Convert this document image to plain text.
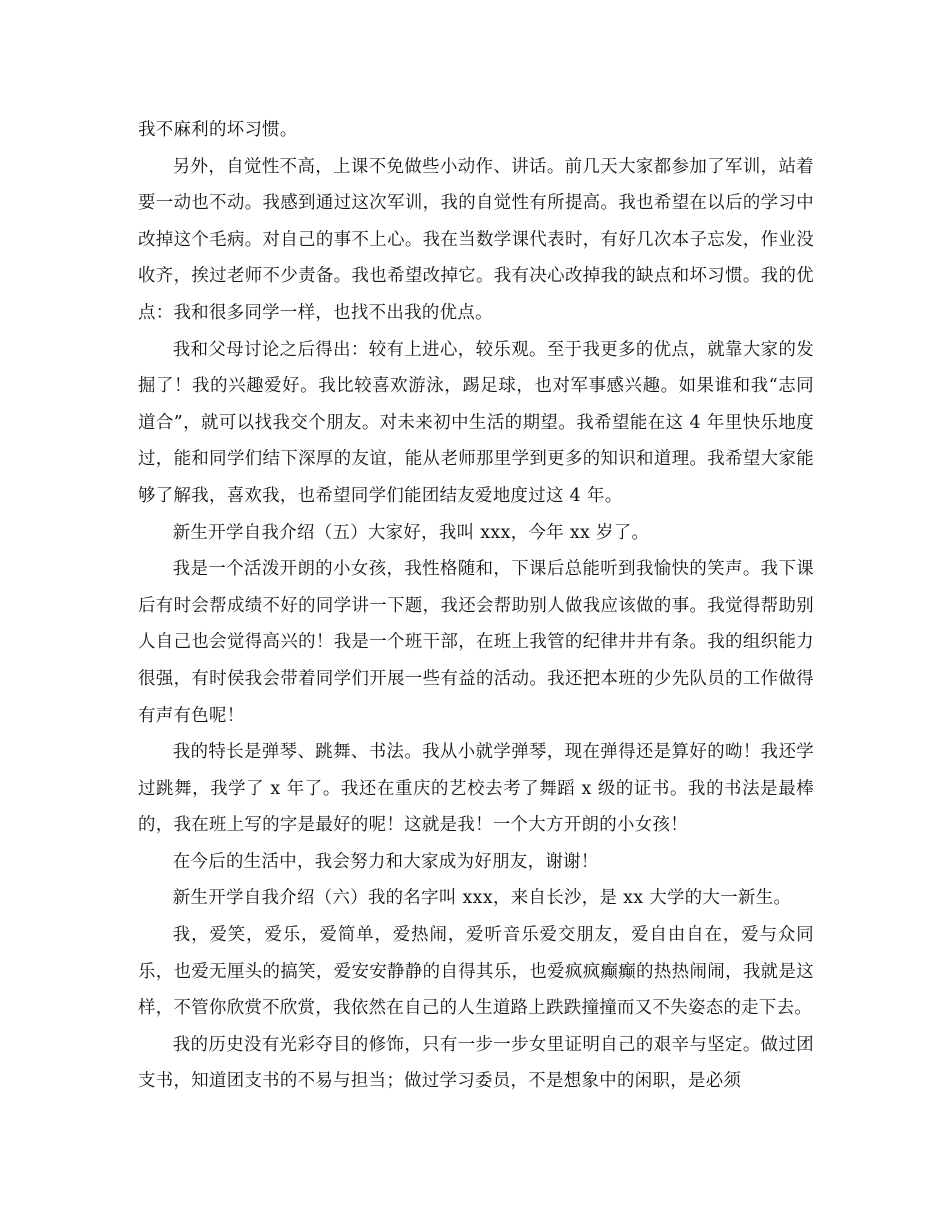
我不麻利的坏习惯。

另外，自觉性不高，上课不免做些小动作、讲话。前几天大家都参加了军训，站着要一动也不动。我感到通过这次军训，我的自觉性有所提高。我也希望在以后的学习中改掉这个毛病。对自己的事不上心。我在当数学课代表时，有好几次本子忘发，作业没收齐，挨过老师不少责备。我也希望改掉它。我有决心改掉我的缺点和坏习惯。我的优点：我和很多同学一样，也找不出我的优点。

我和父母讨论之后得出：较有上进心，较乐观。至于我更多的优点，就靠大家的发掘了！我的兴趣爱好。我比较喜欢游泳，踢足球，也对军事感兴趣。如果谁和我“志同道合”，就可以找我交个朋友。对未来初中生活的期望。我希望能在这 4 年里快乐地度过，能和同学们结下深厚的友谊，能从老师那里学到更多的知识和道理。我希望大家能够了解我，喜欢我，也希望同学们能团结友爱地度过这 4 年。

新生开学自我介绍（五）大家好，我叫 xxx，今年 xx 岁了。

我是一个活泼开朗的小女孩，我性格随和，下课后总能听到我愉快的笑声。我下课后有时会帮成绩不好的同学讲一下题，我还会帮助别人做我应该做的事。我觉得帮助别人自己也会觉得高兴的！我是一个班干部，在班上我管的纪律井井有条。我的组织能力很强，有时侯我会带着同学们开展一些有益的活动。我还把本班的少先队员的工作做得有声有色呢！

我的特长是弹琴、跳舞、书法。我从小就学弹琴，现在弹得还是算好的呦！我还学过跳舞，我学了 x 年了。我还在重庆的艺校去考了舞蹈 x 级的证书。我的书法是最棒的，我在班上写的字是最好的呢！这就是我！一个大方开朗的小女孩！

在今后的生活中，我会努力和大家成为好朋友，谢谢！

新生开学自我介绍（六）我的名字叫 xxx，来自长沙，是 xx 大学的大一新生。

我，爱笑，爱乐，爱简单，爱热闹，爱听音乐爱交朋友，爱自由自在，爱与众同乐，也爱无厘头的搞笑，爱安安静静的自得其乐，也爱疯疯癫癫的热热闹闹，我就是这样，不管你欣赏不欣赏，我依然在自己的人生道路上跌跌撞撞而又不失姿态的走下去。

我的历史没有光彩夺目的修饰，只有一步一步女里证明自己的艰辛与坚定。做过团支书，知道团支书的不易与担当；做过学习委员，不是想象中的闲职，是必须
